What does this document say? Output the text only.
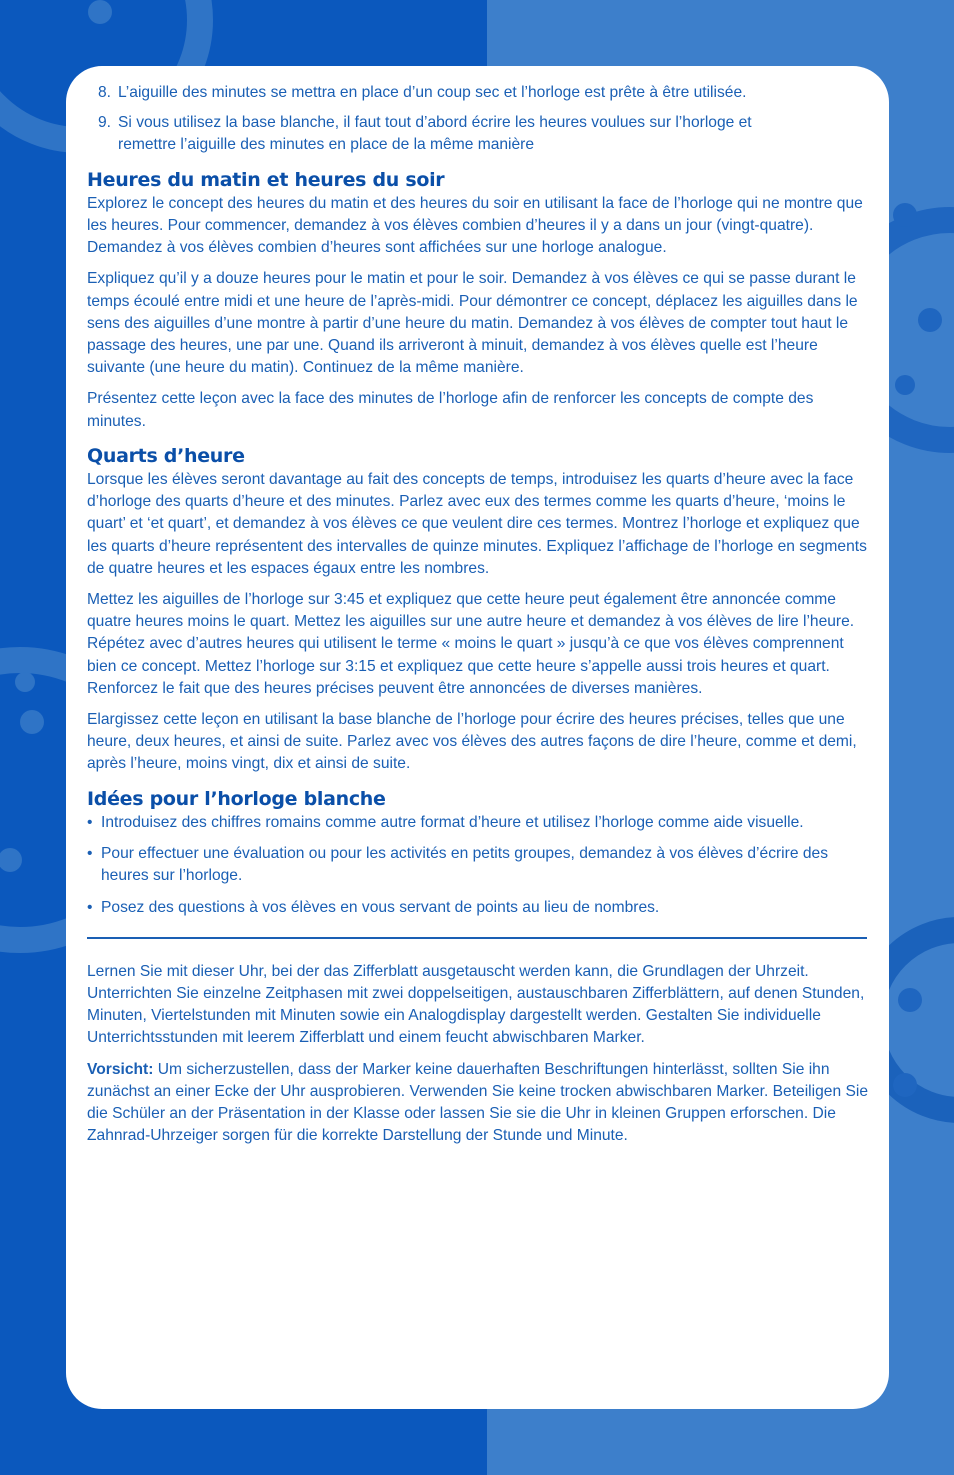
8. L’aiguille des minutes se mettra en place d’un coup sec et l’horloge est prête à être utilisée.
9. Si vous utilisez la base blanche, il faut tout d’abord écrire les heures voulues sur l’horloge et remettre l’aiguille des minutes en place de la même manière
Heures du matin et heures du soir

Explorez le concept des heures du matin et des heures du soir en utilisant la face de l’horloge qui ne montre que les heures. Pour commencer, demandez à vos élèves combien d’heures il y a dans un jour (vingt-quatre). Demandez à vos élèves combien d’heures sont affichées sur une horloge analogue.

Expliquez qu’il y a douze heures pour le matin et pour le soir. Demandez à vos élèves ce qui se passe durant le temps écoulé entre midi et une heure de l’après-midi. Pour démontrer ce concept, déplacez les aiguilles dans le sens des aiguilles d’une montre à partir d’une heure du matin. Demandez à vos élèves de compter tout haut le passage des heures, une par une. Quand ils arriveront à minuit, demandez à vos élèves quelle est l’heure suivante (une heure du matin). Continuez de la même manière.

Présentez cette leçon avec la face des minutes de l’horloge afin de renforcer les concepts de compte des minutes.

Quarts d’heure

Lorsque les élèves seront davantage au fait des concepts de temps, introduisez les quarts d’heure avec la face d’horloge des quarts d’heure et des minutes. Parlez avec eux des termes comme les quarts d’heure, ‘moins le quart’ et ‘et quart’, et demandez à vos élèves ce que veulent dire ces termes. Montrez l’horloge et expliquez que les quarts d’heure représentent des intervalles de quinze minutes. Expliquez l’affichage de l’horloge en segments de quatre heures et les espaces égaux entre les nombres.

Mettez les aiguilles de l’horloge sur 3:45 et expliquez que cette heure peut également être annoncée comme quatre heures moins le quart. Mettez les aiguilles sur une autre heure et demandez à vos élèves de lire l’heure. Répétez avec d’autres heures qui utilisent le terme « moins le quart » jusqu’à ce que vos élèves comprennent bien ce concept. Mettez l’horloge sur 3:15 et expliquez que cette heure s’appelle aussi trois heures et quart. Renforcez le fait que des heures précises peuvent être annoncées de diverses manières.

Elargissez cette leçon en utilisant la base blanche de l’horloge pour écrire des heures précises, telles que une heure, deux heures, et ainsi de suite. Parlez avec vos élèves des autres façons de dire l’heure, comme et demi, après l’heure, moins vingt, dix et ainsi de suite.

Idées pour l’horloge blanche
• Introduisez des chiffres romains comme autre format d’heure et utilisez l’horloge comme aide visuelle.
• Pour effectuer une évaluation ou pour les activités en petits groupes, demandez à vos élèves d’écrire des heures sur l’horloge.
• Posez des questions à vos élèves en vous servant de points au lieu de nombres.

Lernen Sie mit dieser Uhr, bei der das Zifferblatt ausgetauscht werden kann, die Grundlagen der Uhrzeit. Unterrichten Sie einzelne Zeitphasen mit zwei doppelseitigen, austauschbaren Zifferblättern, auf denen Stunden, Minuten, Viertelstunden mit Minuten sowie ein Analogdisplay dargestellt werden. Gestalten Sie individuelle Unterrichtsstunden mit leerem Zifferblatt und einem feucht abwischbaren Marker.

Vorsicht: Um sicherzustellen, dass der Marker keine dauerhaften Beschriftungen hinterlässt, sollten Sie ihn zunächst an einer Ecke der Uhr ausprobieren. Verwenden Sie keine trocken abwischbaren Marker. Beteiligen Sie die Schüler an der Präsentation in der Klasse oder lassen Sie sie die Uhr in kleinen Gruppen erforschen. Die Zahnrad-Uhrzeiger sorgen für die korrekte Darstellung der Stunde und Minute.
